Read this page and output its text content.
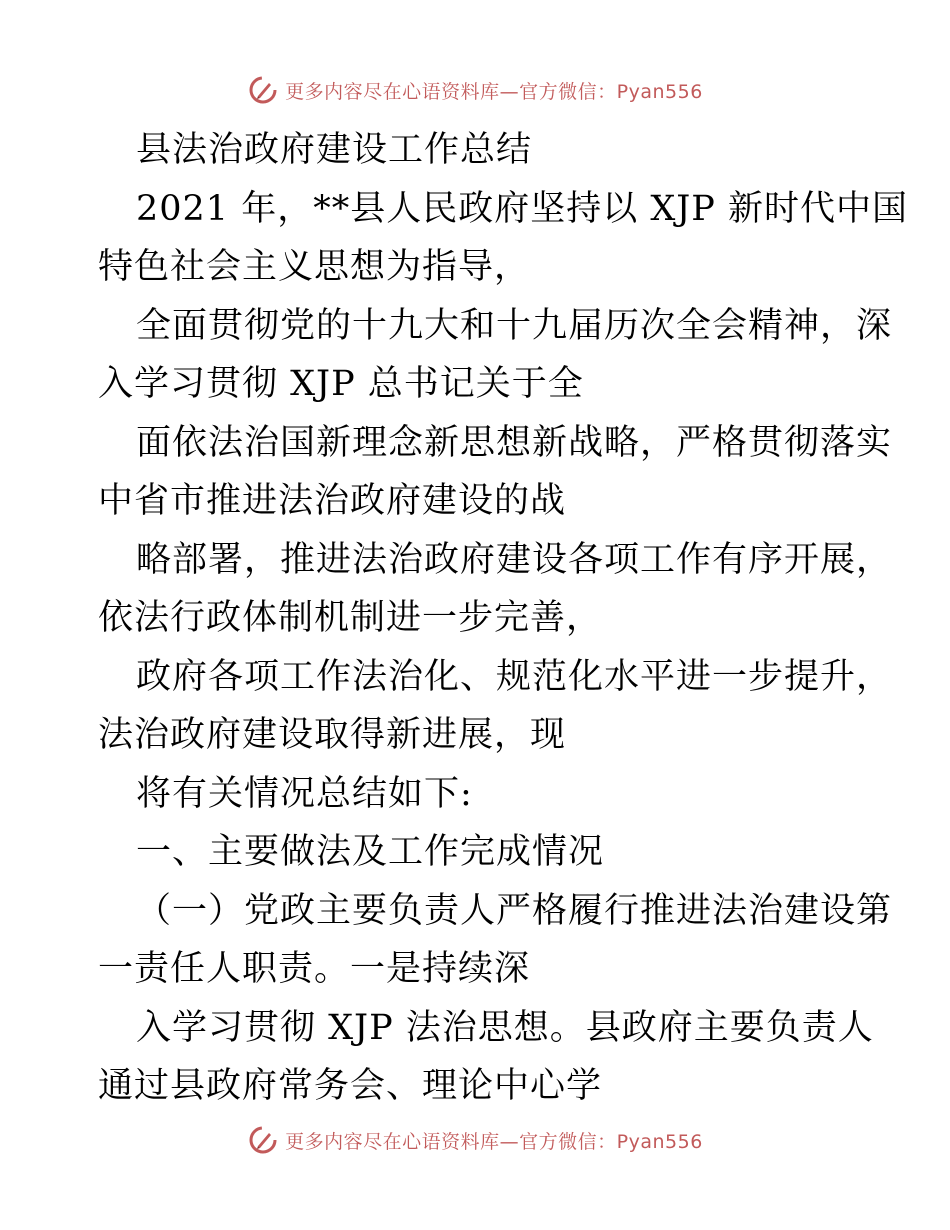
更多内容尽在心语资料库—官方微信：Pyan556

县法治政府建设工作总结

2021 年，**县人民政府坚持以 XJP 新时代中国

特色社会主义思想为指导，

全面贯彻党的十九大和十九届历次全会精神，深

入学习贯彻 XJP 总书记关于全

面依法治国新理念新思想新战略，严格贯彻落实

中省市推进法治政府建设的战

略部署，推进法治政府建设各项工作有序开展，

依法行政体制机制进一步完善，

政府各项工作法治化、规范化水平进一步提升，

法治政府建设取得新进展，现

将有关情况总结如下:

一、主要做法及工作完成情况

（一）党政主要负责人严格履行推进法治建设第

一责任人职责。一是持续深

入学习贯彻 XJP 法治思想。县政府主要负责人

通过县政府常务会、理论中心学

更多内容尽在心语资料库—官方微信：Pyan556
